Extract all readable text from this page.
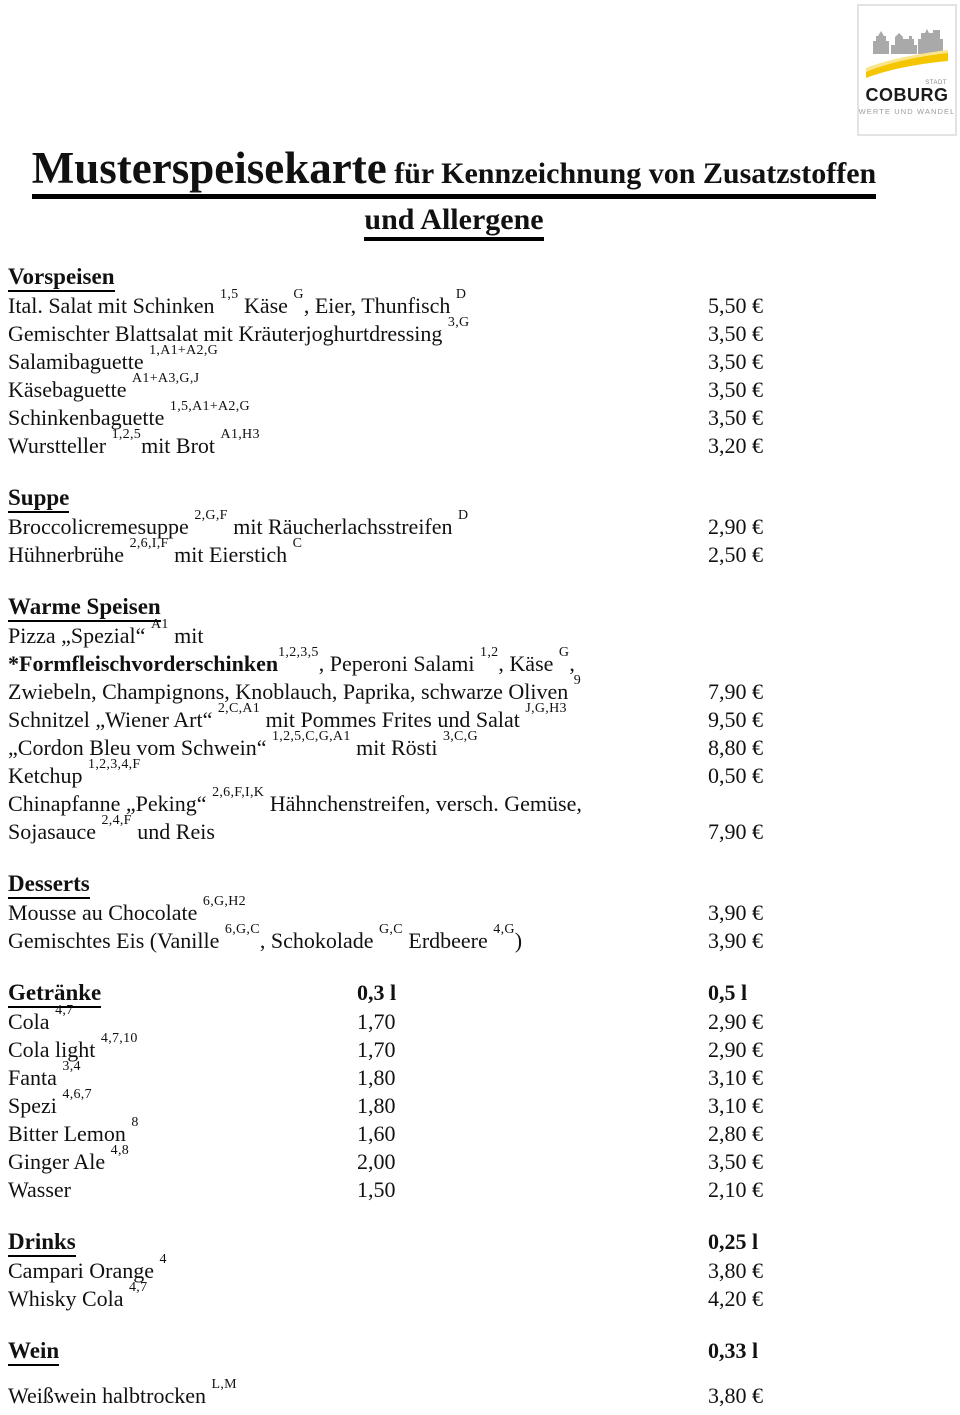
STADT
COBURG
WERTE UND WANDEL
Musterspeisekarte für Kennzeichnung von Zusatzstoffen
und Allergene
Vorspeisen
Ital. Salat mit Schinken $^{1,5}$ Käse $^G$, Eier, Thunfisch $^D$	5,50 €
Gemischter Blattsalat mit Kräuterjoghurtdressing $^{3,G}$	3,50 €
Salamibaguette $^{1,A1+A2,G}$	3,50 €
Käsebaguette $^{A1+A3,G,J}$	3,50 €
Schinkenbaguette $^{1,5,A1+A2,G}$	3,50 €
Wurstteller $^{1,2,5}$mit Brot $^{A1,H3}$	3,20 €
Suppe
Broccolicremesuppe $^{2,G,F}$ mit Räucherlachsstreifen $^D$	2,90 €
Hühnerbrühe $^{2,6,I,F}$ mit Eierstich $^C$	2,50 €
Warme Speisen
Pizza „Spezial“ $^{A1}$ mit
*Formfleischvorderschinken$^{1,2,3,5}$, Peperoni Salami $^{1,2}$, Käse $^G$,
Zwiebeln, Champignons, Knoblauch, Paprika, schwarze Oliven $^9$	7,90 €
Schnitzel „Wiener Art“ $^{2,C,A1}$ mit Pommes Frites und Salat $^{J,G,H3}$	9,50 €
„Cordon Bleu vom Schwein“ $^{1,2,5,C,G,A1}$ mit Rösti $^{3,C,G}$	8,80 €
Ketchup $^{1,2,3,4,F}$	0,50 €
Chinapfanne „Peking“ $^{2,6,F,I,K}$ Hähnchenstreifen, versch. Gemüse,
Sojasauce $^{2,4,F}$ und Reis	7,90 €
Desserts
Mousse au Chocolate $^{6,G,H2}$	3,90 €
Gemischtes Eis (Vanille $^{6,G,C}$, Schokolade $^{G,C}$ Erdbeere $^{4,G}$)	3,90 €
Getränke	0,3 l	0,5 l
Cola $^{4,7}$	1,70	2,90 €
Cola light $^{4,7,10}$	1,70	2,90 €
Fanta $^{3,4}$	1,80	3,10 €
Spezi $^{4,6,7}$	1,80	3,10 €
Bitter Lemon $^8$	1,60	2,80 €
Ginger Ale $^{4,8}$	2,00	3,50 €
Wasser	1,50	2,10 €
Drinks	0,25 l
Campari Orange $^4$	3,80 €
Whisky Cola $^{4,7}$	4,20 €
Wein	0,33 l
Weißwein halbtrocken $^{L,M}$	3,80 €
